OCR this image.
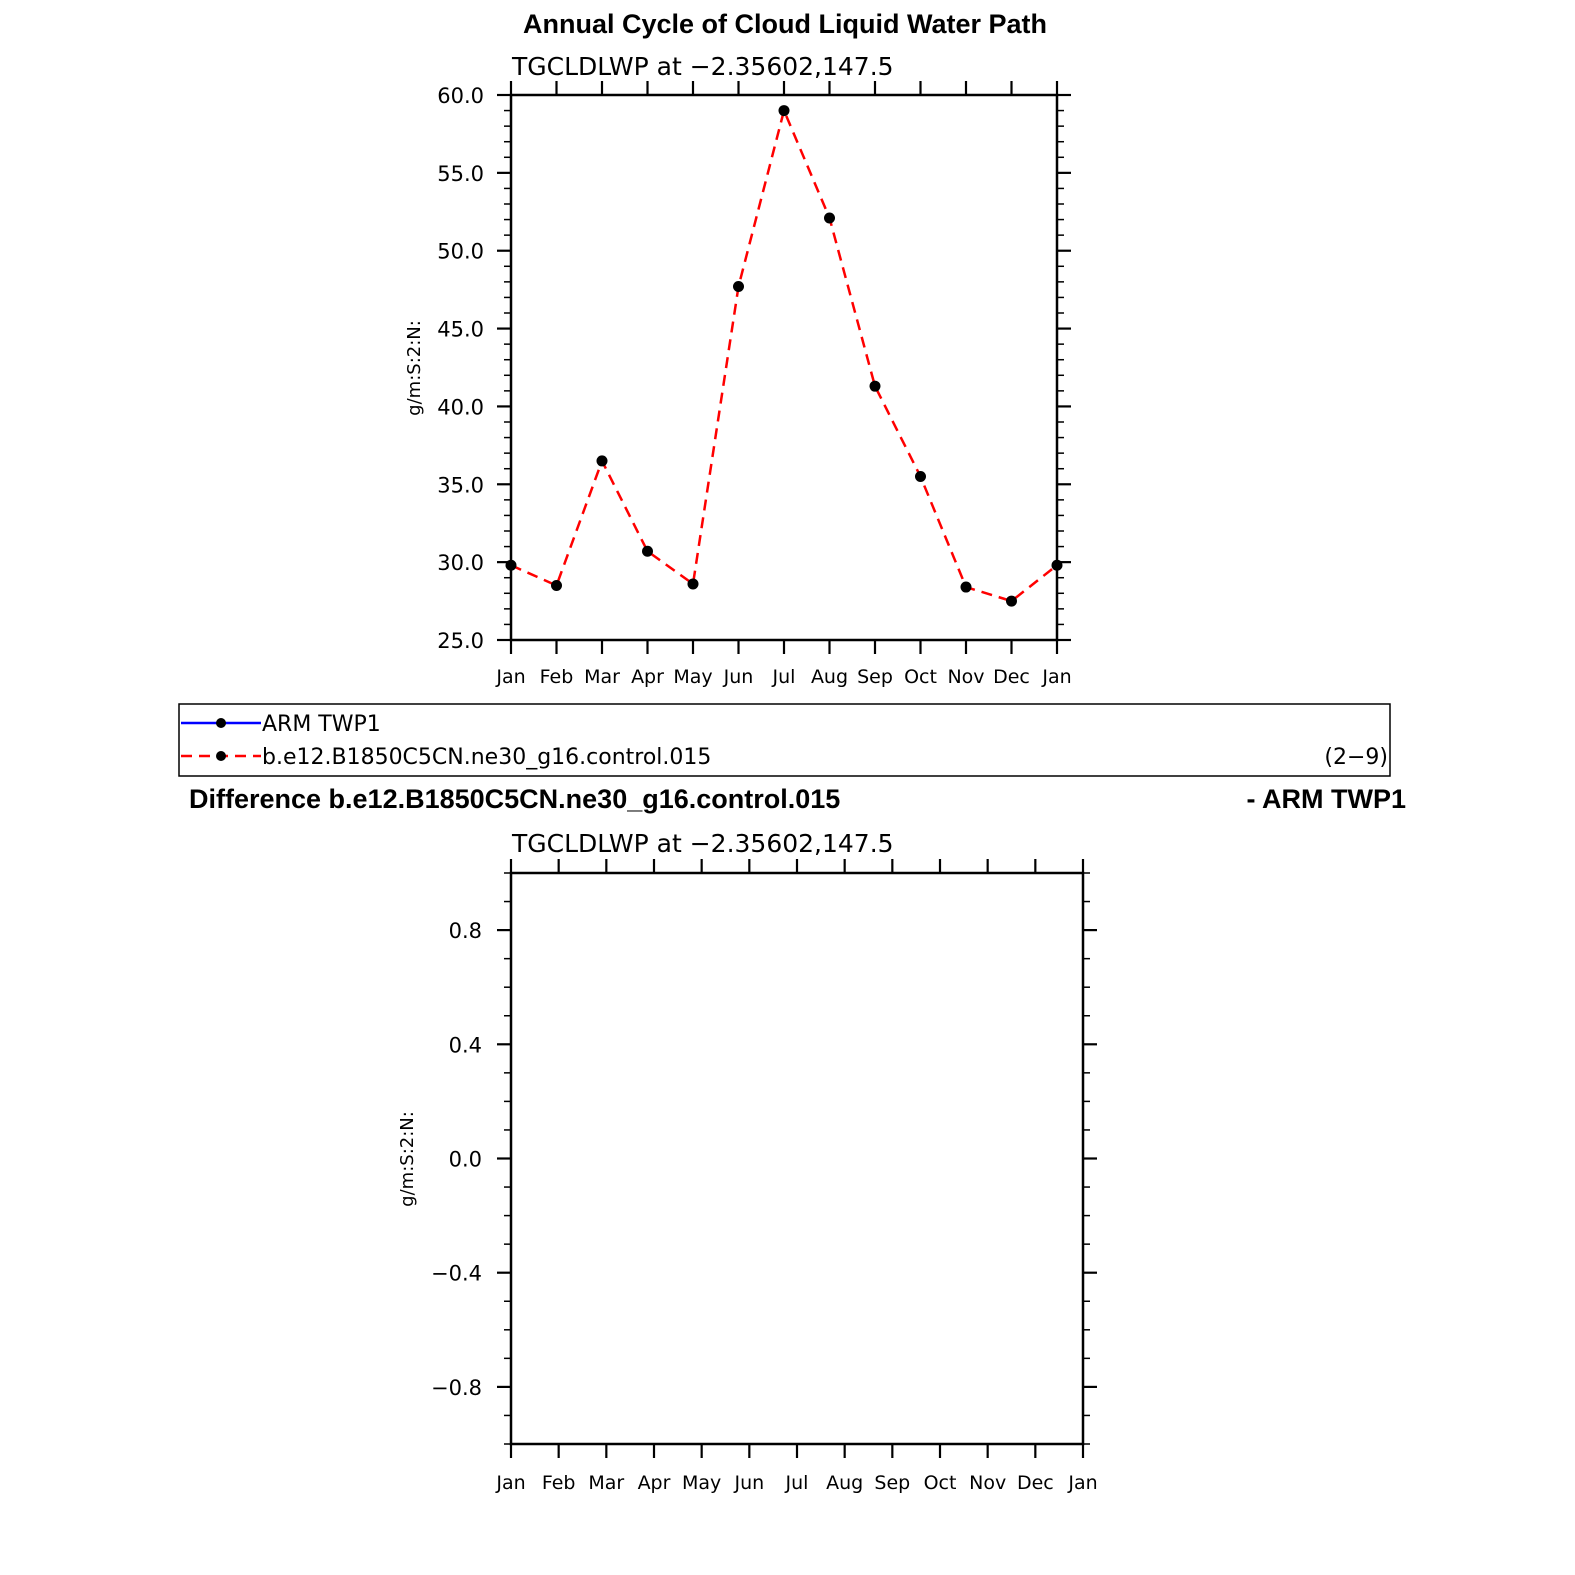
Annual Cycle of Cloud Liquid Water Path
TGCLDLWP at −2.35602,147.5
g/m:S:2:N:
25.0
30.0
35.0
40.0
45.0
50.0
55.0
60.0
Jan Feb Mar Apr May Jun Jul Aug Sep Oct Nov Dec Jan
ARM TWP1
b.e12.B1850C5CN.ne30_g16.control.015	(2−9)
Difference b.e12.B1850C5CN.ne30_g16.control.015	- ARM TWP1
TGCLDLWP at −2.35602,147.5
g/m:S:2:N:
−0.8
−0.4
0.0
0.4
0.8
Jan Feb Mar Apr May Jun Jul Aug Sep Oct Nov Dec Jan
